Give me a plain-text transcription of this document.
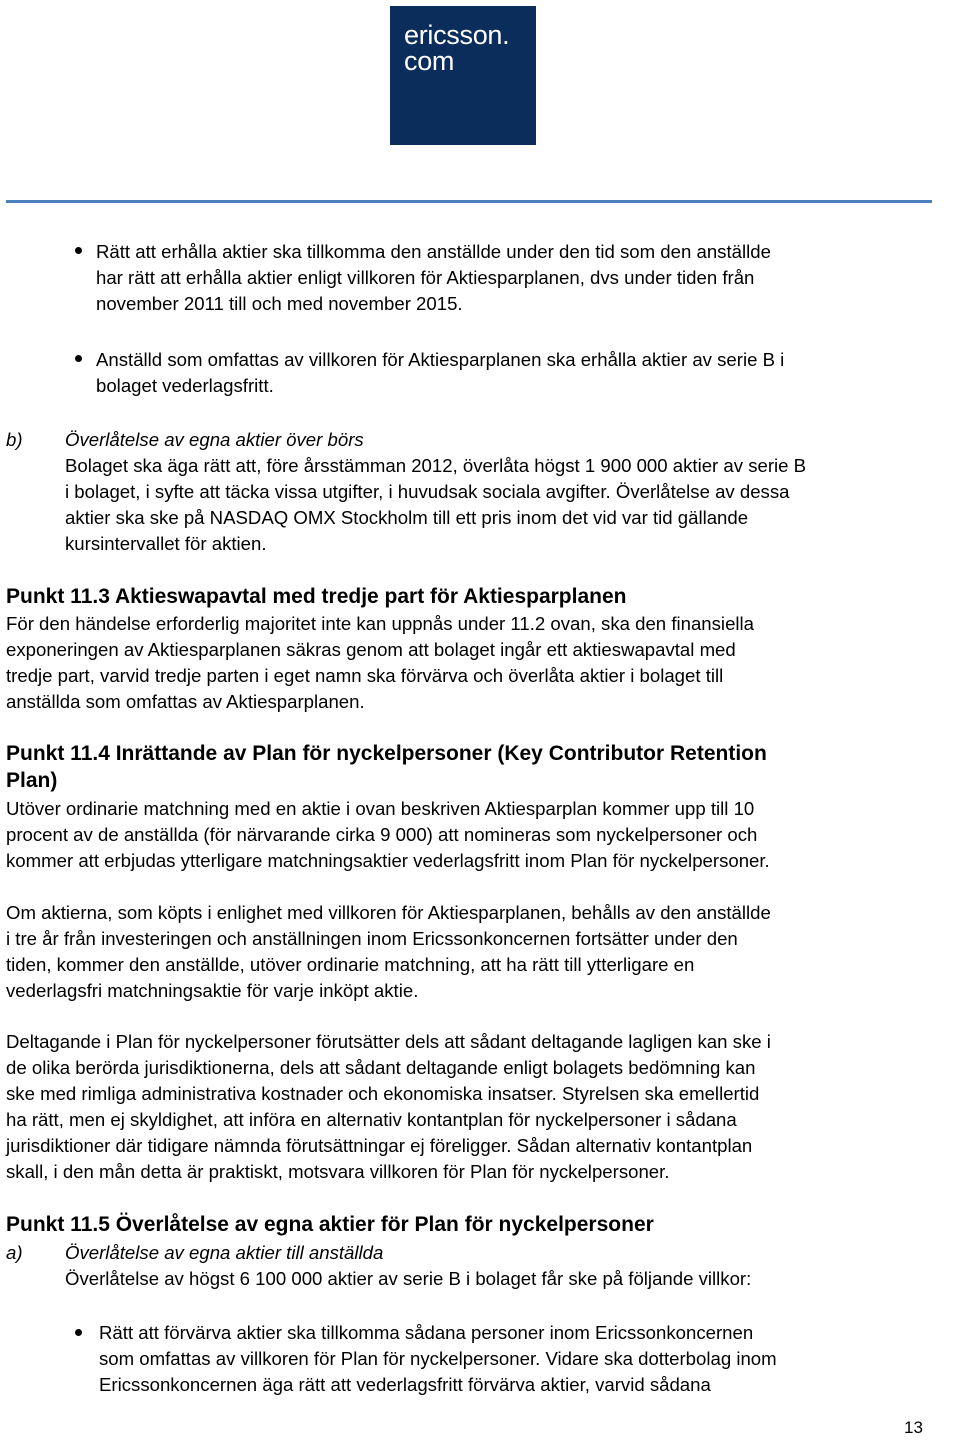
ericsson.
com

Rätt att erhålla aktier ska tillkomma den anställde under den tid som den anställde

har rätt att erhålla aktier enligt villkoren för Aktiesparplanen, dvs under tiden från

november 2011 till och med november 2015.

Anställd som omfattas av villkoren för Aktiesparplanen ska erhålla aktier av serie B i

bolaget vederlagsfritt.

b) Överlåtelse av egna aktier över börs

Bolaget ska äga rätt att, före årsstämman 2012, överlåta högst 1 900 000 aktier av serie B

i bolaget, i syfte att täcka vissa utgifter, i huvudsak sociala avgifter. Överlåtelse av dessa

aktier ska ske på NASDAQ OMX Stockholm till ett pris inom det vid var tid gällande

kursintervallet för aktien.

Punkt 11.3 Aktieswapavtal med tredje part för Aktiesparplanen

För den händelse erforderlig majoritet inte kan uppnås under 11.2 ovan, ska den finansiella

exponeringen av Aktiesparplanen säkras genom att bolaget ingår ett aktieswapavtal med

tredje part, varvid tredje parten i eget namn ska förvärva och överlåta aktier i bolaget till

anställda som omfattas av Aktiesparplanen.

Punkt 11.4 Inrättande av Plan för nyckelpersoner (Key Contributor Retention

Plan)

Utöver ordinarie matchning med en aktie i ovan beskriven Aktiesparplan kommer upp till 10

procent av de anställda (för närvarande cirka 9 000) att nomineras som nyckelpersoner och

kommer att erbjudas ytterligare matchningsaktier vederlagsfritt inom Plan för nyckelpersoner.

Om aktierna, som köpts i enlighet med villkoren för Aktiesparplanen, behålls av den anställde

i tre år från investeringen och anställningen inom Ericssonkoncernen fortsätter under den

tiden, kommer den anställde, utöver ordinarie matchning, att ha rätt till ytterligare en

vederlagsfri matchningsaktie för varje inköpt aktie.

Deltagande i Plan för nyckelpersoner förutsätter dels att sådant deltagande lagligen kan ske i

de olika berörda jurisdiktionerna, dels att sådant deltagande enligt bolagets bedömning kan

ske med rimliga administrativa kostnader och ekonomiska insatser. Styrelsen ska emellertid

ha rätt, men ej skyldighet, att införa en alternativ kontantplan för nyckelpersoner i sådana

jurisdiktioner där tidigare nämnda förutsättningar ej föreligger. Sådan alternativ kontantplan

skall, i den mån detta är praktiskt, motsvara villkoren för Plan för nyckelpersoner.

Punkt 11.5 Överlåtelse av egna aktier för Plan för nyckelpersoner

a) Överlåtelse av egna aktier till anställda

Överlåtelse av högst 6 100 000 aktier av serie B i bolaget får ske på följande villkor:

Rätt att förvärva aktier ska tillkomma sådana personer inom Ericssonkoncernen

som omfattas av villkoren för Plan för nyckelpersoner. Vidare ska dotterbolag inom

Ericssonkoncernen äga rätt att vederlagsfritt förvärva aktier, varvid sådana

13
